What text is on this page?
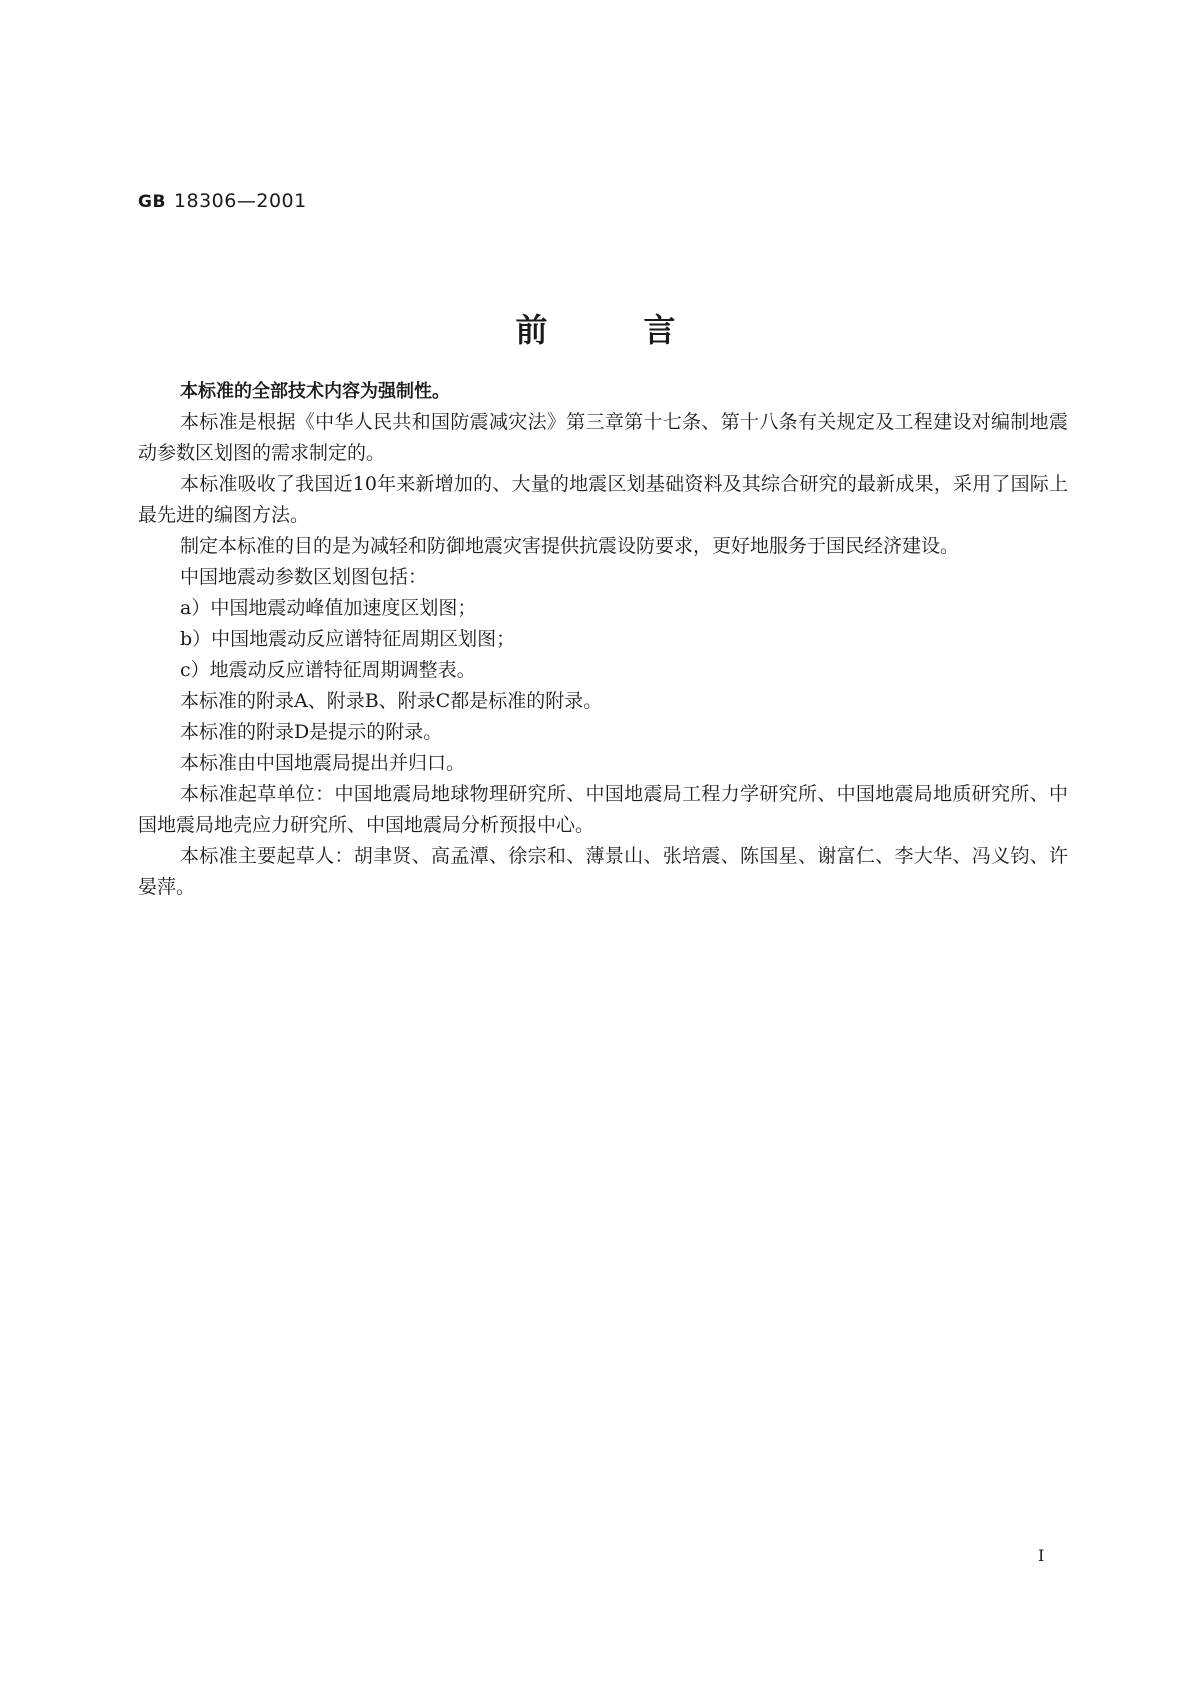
GB 18306—2001
前言

本标准的全部技术内容为强制性。

本标准是根据《中华人民共和国防震减灾法》第三章第十七条、第十八条有关规定及工程建设对编制地震动参数区划图的需求制定的。

本标准吸收了我国近10年来新增加的、大量的地震区划基础资料及其综合研究的最新成果，采用了国际上最先进的编图方法。

制定本标准的目的是为减轻和防御地震灾害提供抗震设防要求，更好地服务于国民经济建设。

中国地震动参数区划图包括：

a）中国地震动峰值加速度区划图；

b）中国地震动反应谱特征周期区划图；

c）地震动反应谱特征周期调整表。

本标准的附录A、附录B、附录C都是标准的附录。

本标准的附录D是提示的附录。

本标准由中国地震局提出并归口。

本标准起草单位：中国地震局地球物理研究所、中国地震局工程力学研究所、中国地震局地质研究所、中国地震局地壳应力研究所、中国地震局分析预报中心。

本标准主要起草人：胡聿贤、高孟潭、徐宗和、薄景山、张培震、陈国星、谢富仁、李大华、冯义钧、许晏萍。

I
